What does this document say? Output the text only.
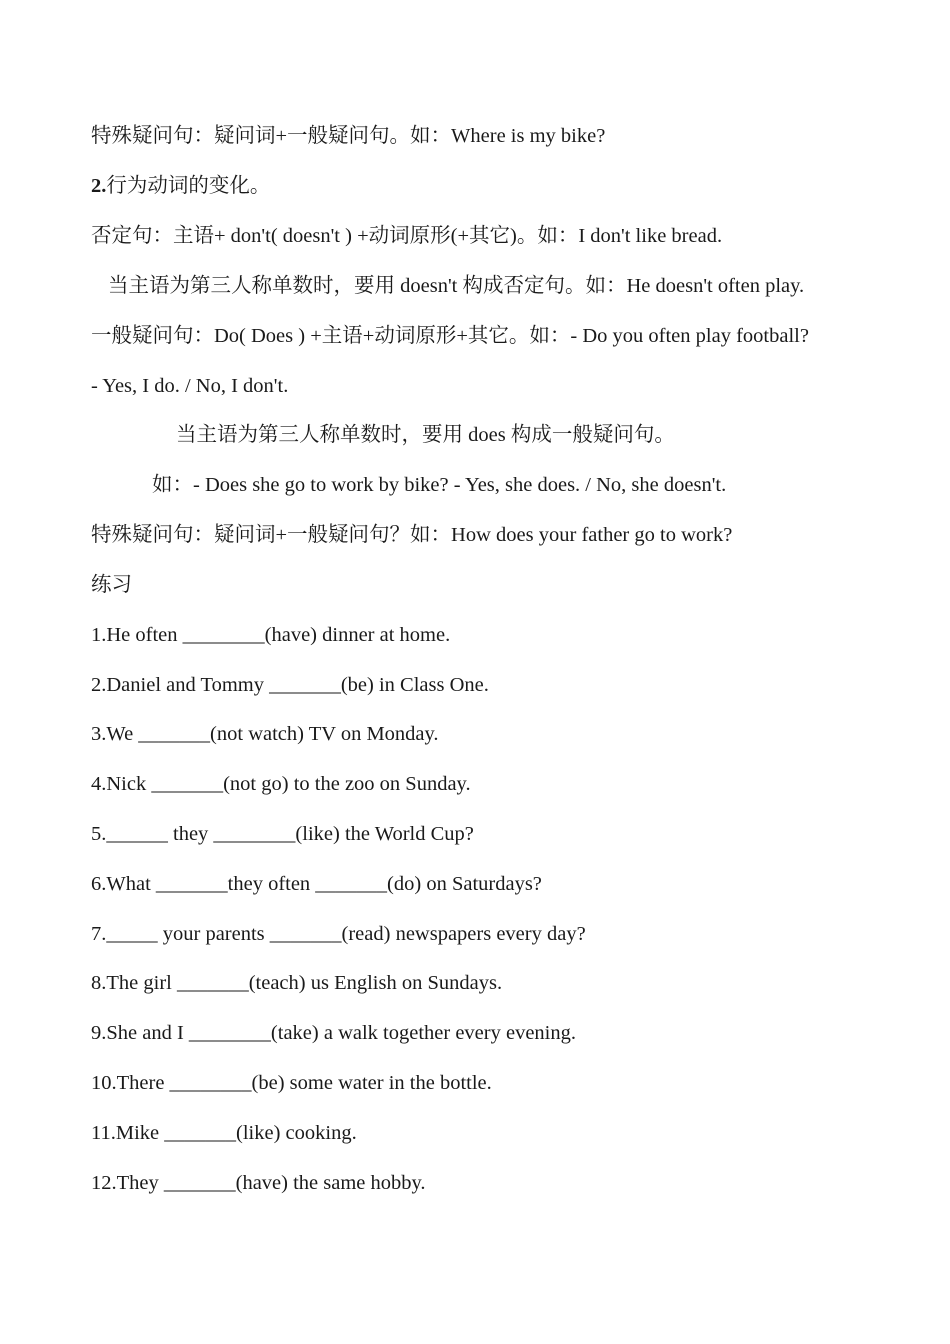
特殊疑问句：疑问词+一般疑问句。如：Where is my bike?
2.行为动词的变化。
否定句：主语+ don't( doesn't ) +动词原形(+其它)。如：I don't like bread.
当主语为第三人称单数时，要用 doesn't 构成否定句。如：He doesn't often play.
一般疑问句：Do( Does ) +主语+动词原形+其它。如：- Do you often play football?
- Yes, I do. / No, I don't.
当主语为第三人称单数时，要用 does 构成一般疑问句。
如：- Does she go to work by bike? - Yes, she does. / No, she doesn't.
特殊疑问句：疑问词+一般疑问句？如：How does your father go to work?
练习
1.He often ________(have) dinner at home.
2.Daniel and Tommy _______(be) in Class One.
3.We _______(not watch) TV on Monday.
4.Nick _______(not go) to the zoo on Sunday.
5.______ they ________(like) the World Cup?
6.What _______they often _______(do) on Saturdays?
7._____ your parents _______(read) newspapers every day?
8.The girl _______(teach) us English on Sundays.
9.She and I ________(take) a walk together every evening.
10.There ________(be) some water in the bottle.
11.Mike _______(like) cooking.
12.They _______(have) the same hobby.
